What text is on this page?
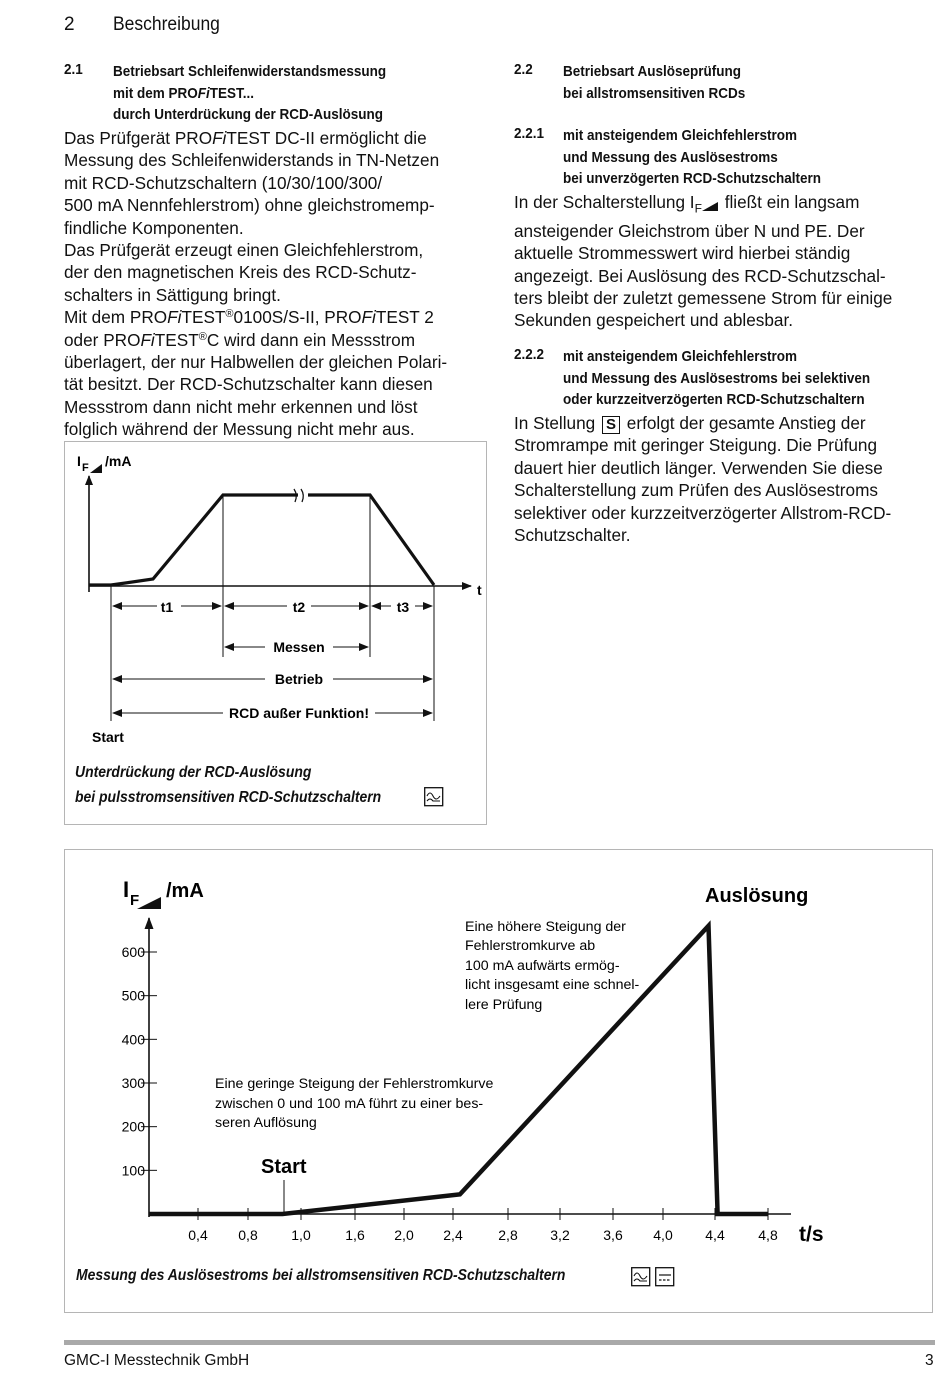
2 Beschreibung
2.1 Betriebsart Schleifenwiderstandsmessung
mit dem PROFiTEST...
durch Unterdrückung der RCD-Auslösung

Das Prüfgerät PROFiTEST DC-II ermöglicht die

Messung des Schleifenwiderstands in TN-Netzen

mit RCD-Schutzschaltern (10/30/100/300/

500 mA Nennfehlerstrom) ohne gleichstromemp-

findliche Komponenten.

Das Prüfgerät erzeugt einen Gleichfehlerstrom,

der den magnetischen Kreis des RCD-Schutz-

schalters in Sättigung bringt.

Mit dem PROFiTEST®0100S/S-II, PROFiTEST 2

oder PROFiTEST®C wird dann ein Messstrom

überlagert, der nur Halbwellen der gleichen Polari-

tät besitzt. Der RCD-Schutzschalter kann diesen

Messstrom dann nicht mehr erkennen und löst

folglich während der Messung nicht mehr aus.

2.2 Betriebsart Auslöseprüfung
bei allstromsensitiven RCDs
2.2.1 mit ansteigendem Gleichfehlerstrom
und Messung des Auslösestroms
bei unverzögerten RCD-Schutzschaltern

In der Schalterstellung $I_F$ fließt ein langsam

ansteigender Gleichstrom über N und PE. Der

aktuelle Strommesswert wird hierbei ständig

angezeigt. Bei Auslösung des RCD-Schutzschal-

ters bleibt der zuletzt gemessene Strom für einige

Sekunden gespeichert und ablesbar.

2.2.2 mit ansteigendem Gleichfehlerstrom
und Messung des Auslösestroms bei selektiven
oder kurzzeitverzögerten RCD-Schutzschaltern

In Stellung S erfolgt der gesamte Anstieg der

Stromrampe mit geringer Steigung. Die Prüfung

dauert hier deutlich länger. Verwenden Sie diese

Schalterstellung zum Prüfen des Auslösestroms

selektiver oder kurzzeitverzögerter Allstrom-RCD-

Schutzschalter.

I F /mA
t
t1	t2	t3
Messen
Betrieb
RCD außer Funktion!
Start
Unterdrückung der RCD-Auslösung
bei pulsstromsensitiven RCD-Schutzschaltern
100
200
300
400
500
600
0,4 0,8 1,0 1,6 2,0 2,4	2,8 3,2 3,6 4,0 4,4 4,8
I F /mA
t/s
Auslösung
Start
Eine höhere Steigung der
Fehlerstromkurve ab
100 mA aufwärts ermög-
licht insgesamt eine schnel-
lere Prüfung
Eine geringe Steigung der Fehlerstromkurve
zwischen 0 und 100 mA führt zu einer bes-
seren Auflösung
Messung des Auslösestroms bei allstromsensitiven RCD-Schutzschaltern
GMC-I Messtechnik GmbH	3
